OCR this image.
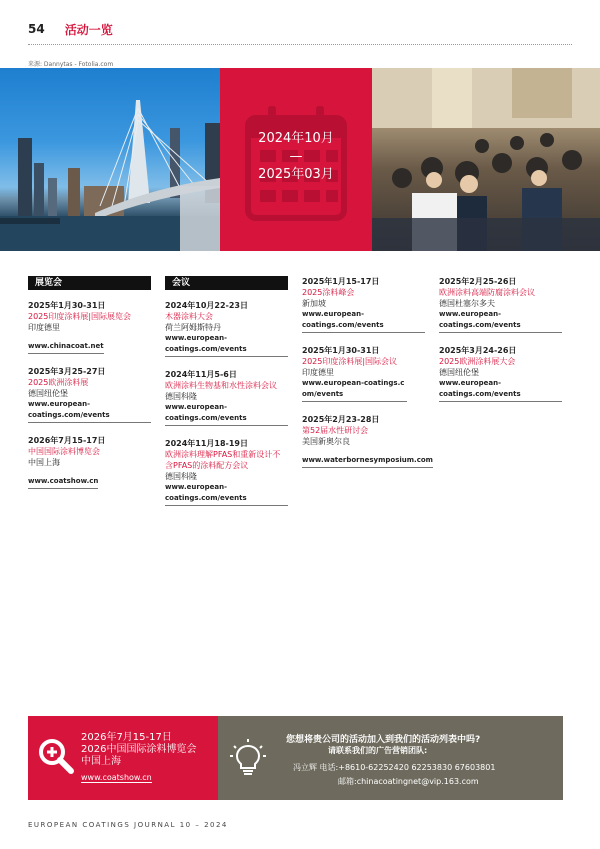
54 活动一览
来源: Dannytas - Fotolia.com
2024年10月
—
2025年03月
展览会
2025年1月30-31日
2025印度涂料展|国际展览会
印度德里
www.chinacoat.net
2025年3月25-27日
2025欧洲涂料展
德国纽伦堡
www.european-coatings.com/events
2026年7月15-17日
中国国际涂料博览会
中国上海
www.coatshow.cn
会议
2024年10月22-23日
木器涂料大会
荷兰阿姆斯特丹
www.european-coatings.com/events
2024年11月5-6日
欧洲涂料生物基和水性涂料会议
德国科隆
www.european-coatings.com/events
2024年11月18-19日
欧洲涂料理解PFAS和重新设计不含PFAS的涂料配方会议
德国科隆
www.european-coatings.com/events
2025年1月15-17日
2025涂料峰会
新加坡
www.european-coatings.com/events
2025年1月30-31日
2025印度涂料展|国际会议
印度德里
www.european-coatings.com/events
2025年2月23-28日
第52届水性研讨会
美国新奥尔良
www.waterbornesymposium.com
2025年2月25-26日
欧洲涂料高端防腐涂料会议
德国杜塞尔多夫
www.european-coatings.com/events
2025年3月24-26日
2025欧洲涂料展大会
德国纽伦堡
www.european-coatings.com/events
2026年7月15-17日
2026中国国际涂料博览会
中国上海
www.coatshow.cn
您想将贵公司的活动加入到我们的活动列表中吗?
请联系我们的广告营销团队:
冯立辉 电话:+8610-62252420 62253830 67603801
邮箱:chinacoatingnet@vip.163.com
EUROPEAN COATINGS JOURNAL 10 – 2024
